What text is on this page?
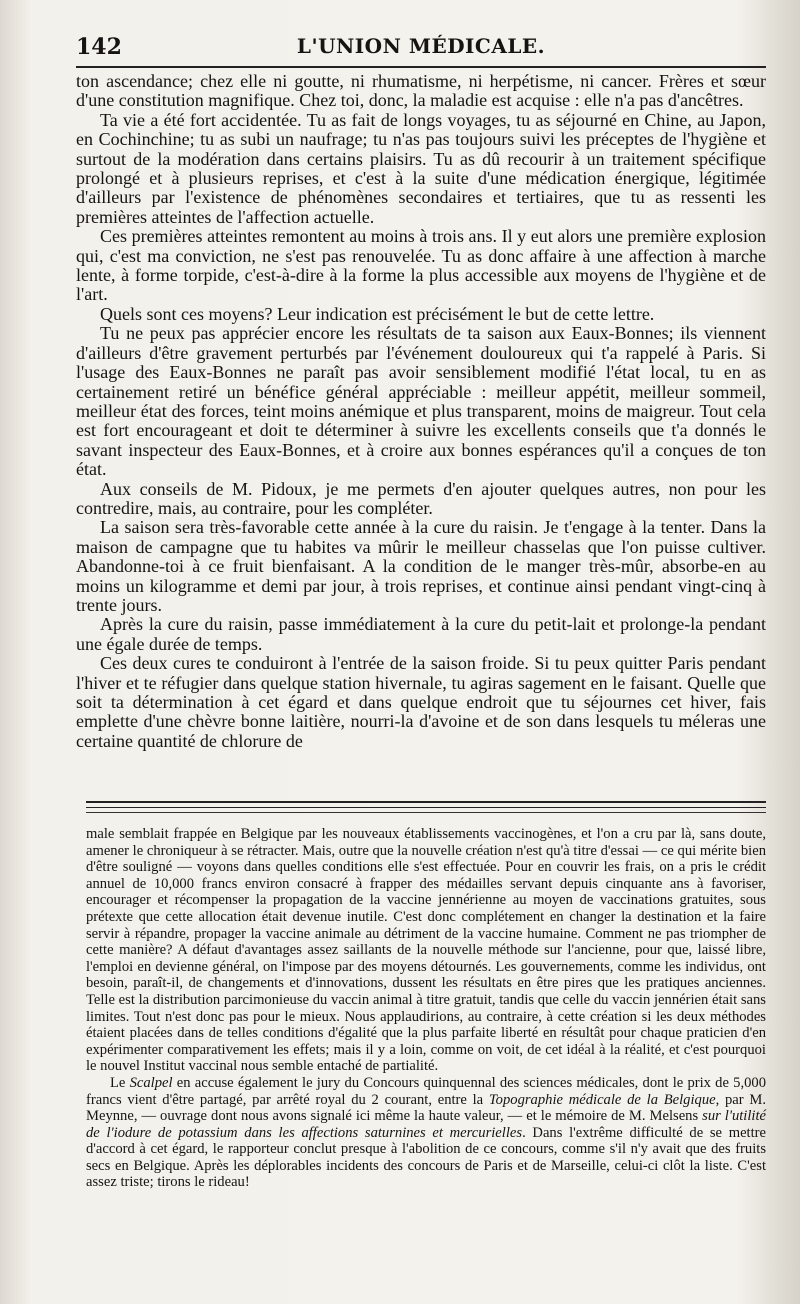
142	L'UNION MÉDICALE.

ton ascendance; chez elle ni goutte, ni rhumatisme, ni herpétisme, ni cancer. Frères et sœur d'une constitution magnifique. Chez toi, donc, la maladie est acquise : elle n'a pas d'ancêtres.

Ta vie a été fort accidentée. Tu as fait de longs voyages, tu as séjourné en Chine, au Japon, en Cochinchine; tu as subi un naufrage; tu n'as pas toujours suivi les préceptes de l'hygiène et surtout de la modération dans certains plaisirs. Tu as dû recourir à un traitement spécifique prolongé et à plusieurs reprises, et c'est à la suite d'une médication énergique, légitimée d'ailleurs par l'existence de phénomènes secondaires et tertiaires, que tu as ressenti les premières atteintes de l'affection actuelle.

Ces premières atteintes remontent au moins à trois ans. Il y eut alors une première explosion qui, c'est ma conviction, ne s'est pas renouvelée. Tu as donc affaire à une affection à marche lente, à forme torpide, c'est-à-dire à la forme la plus accessible aux moyens de l'hygiène et de l'art.

Quels sont ces moyens? Leur indication est précisément le but de cette lettre.

Tu ne peux pas apprécier encore les résultats de ta saison aux Eaux-Bonnes; ils viennent d'ailleurs d'être gravement perturbés par l'événement douloureux qui t'a rappelé à Paris. Si l'usage des Eaux-Bonnes ne paraît pas avoir sensiblement modifié l'état local, tu en as certainement retiré un bénéfice général appréciable : meilleur appétit, meilleur sommeil, meilleur état des forces, teint moins anémique et plus transparent, moins de maigreur. Tout cela est fort encourageant et doit te déterminer à suivre les excellents conseils que t'a donnés le savant inspecteur des Eaux-Bonnes, et à croire aux bonnes espérances qu'il a conçues de ton état.

Aux conseils de M. Pidoux, je me permets d'en ajouter quelques autres, non pour les contredire, mais, au contraire, pour les compléter.

La saison sera très-favorable cette année à la cure du raisin. Je t'engage à la tenter. Dans la maison de campagne que tu habites va mûrir le meilleur chasselas que l'on puisse cultiver. Abandonne-toi à ce fruit bienfaisant. A la condition de le manger très-mûr, absorbe-en au moins un kilogramme et demi par jour, à trois reprises, et continue ainsi pendant vingt-cinq à trente jours.

Après la cure du raisin, passe immédiatement à la cure du petit-lait et prolonge-la pendant une égale durée de temps.

Ces deux cures te conduiront à l'entrée de la saison froide. Si tu peux quitter Paris pendant l'hiver et te réfugier dans quelque station hivernale, tu agiras sagement en le faisant. Quelle que soit ta détermination à cet égard et dans quelque endroit que tu séjournes cet hiver, fais emplette d'une chèvre bonne laitière, nourri-la d'avoine et de son dans lesquels tu méleras une certaine quantité de chlorure de

male semblait frappée en Belgique par les nouveaux établissements vaccinogènes, et l'on a cru par là, sans doute, amener le chroniqueur à se rétracter. Mais, outre que la nouvelle création n'est qu'à titre d'essai — ce qui mérite bien d'être souligné — voyons dans quelles conditions elle s'est effectuée. Pour en couvrir les frais, on a pris le crédit annuel de 10,000 francs environ consacré à frapper des médailles servant depuis cinquante ans à favoriser, encourager et récompenser la propagation de la vaccine jennérienne au moyen de vaccinations gratuites, sous prétexte que cette allocation était devenue inutile. C'est donc complétement en changer la destination et la faire servir à répandre, propager la vaccine animale au détriment de la vaccine humaine. Comment ne pas triompher de cette manière? A défaut d'avantages assez saillants de la nouvelle méthode sur l'ancienne, pour que, laissé libre, l'emploi en devienne général, on l'impose par des moyens détournés. Les gouvernements, comme les individus, ont besoin, paraît-il, de changements et d'innovations, dussent les résultats en être pires que les pratiques anciennes. Telle est la distribution parcimonieuse du vaccin animal à titre gratuit, tandis que celle du vaccin jennérien était sans limites. Tout n'est donc pas pour le mieux. Nous applaudirions, au contraire, à cette création si les deux méthodes étaient placées dans de telles conditions d'égalité que la plus parfaite liberté en résultât pour chaque praticien d'en expérimenter comparativement les effets; mais il y a loin, comme on voit, de cet idéal à la réalité, et c'est pourquoi le nouvel Institut vaccinal nous semble entaché de partialité.

Le Scalpel en accuse également le jury du Concours quinquennal des sciences médicales, dont le prix de 5,000 francs vient d'être partagé, par arrêté royal du 2 courant, entre la Topographie médicale de la Belgique, par M. Meynne, — ouvrage dont nous avons signalé ici même la haute valeur, — et le mémoire de M. Melsens sur l'utilité de l'iodure de potassium dans les affections saturnines et mercurielles. Dans l'extrême difficulté de se mettre d'accord à cet égard, le rapporteur conclut presque à l'abolition de ce concours, comme s'il n'y avait que des fruits secs en Belgique. Après les déplorables incidents des concours de Paris et de Marseille, celui-ci clôt la liste. C'est assez triste; tirons le rideau!
